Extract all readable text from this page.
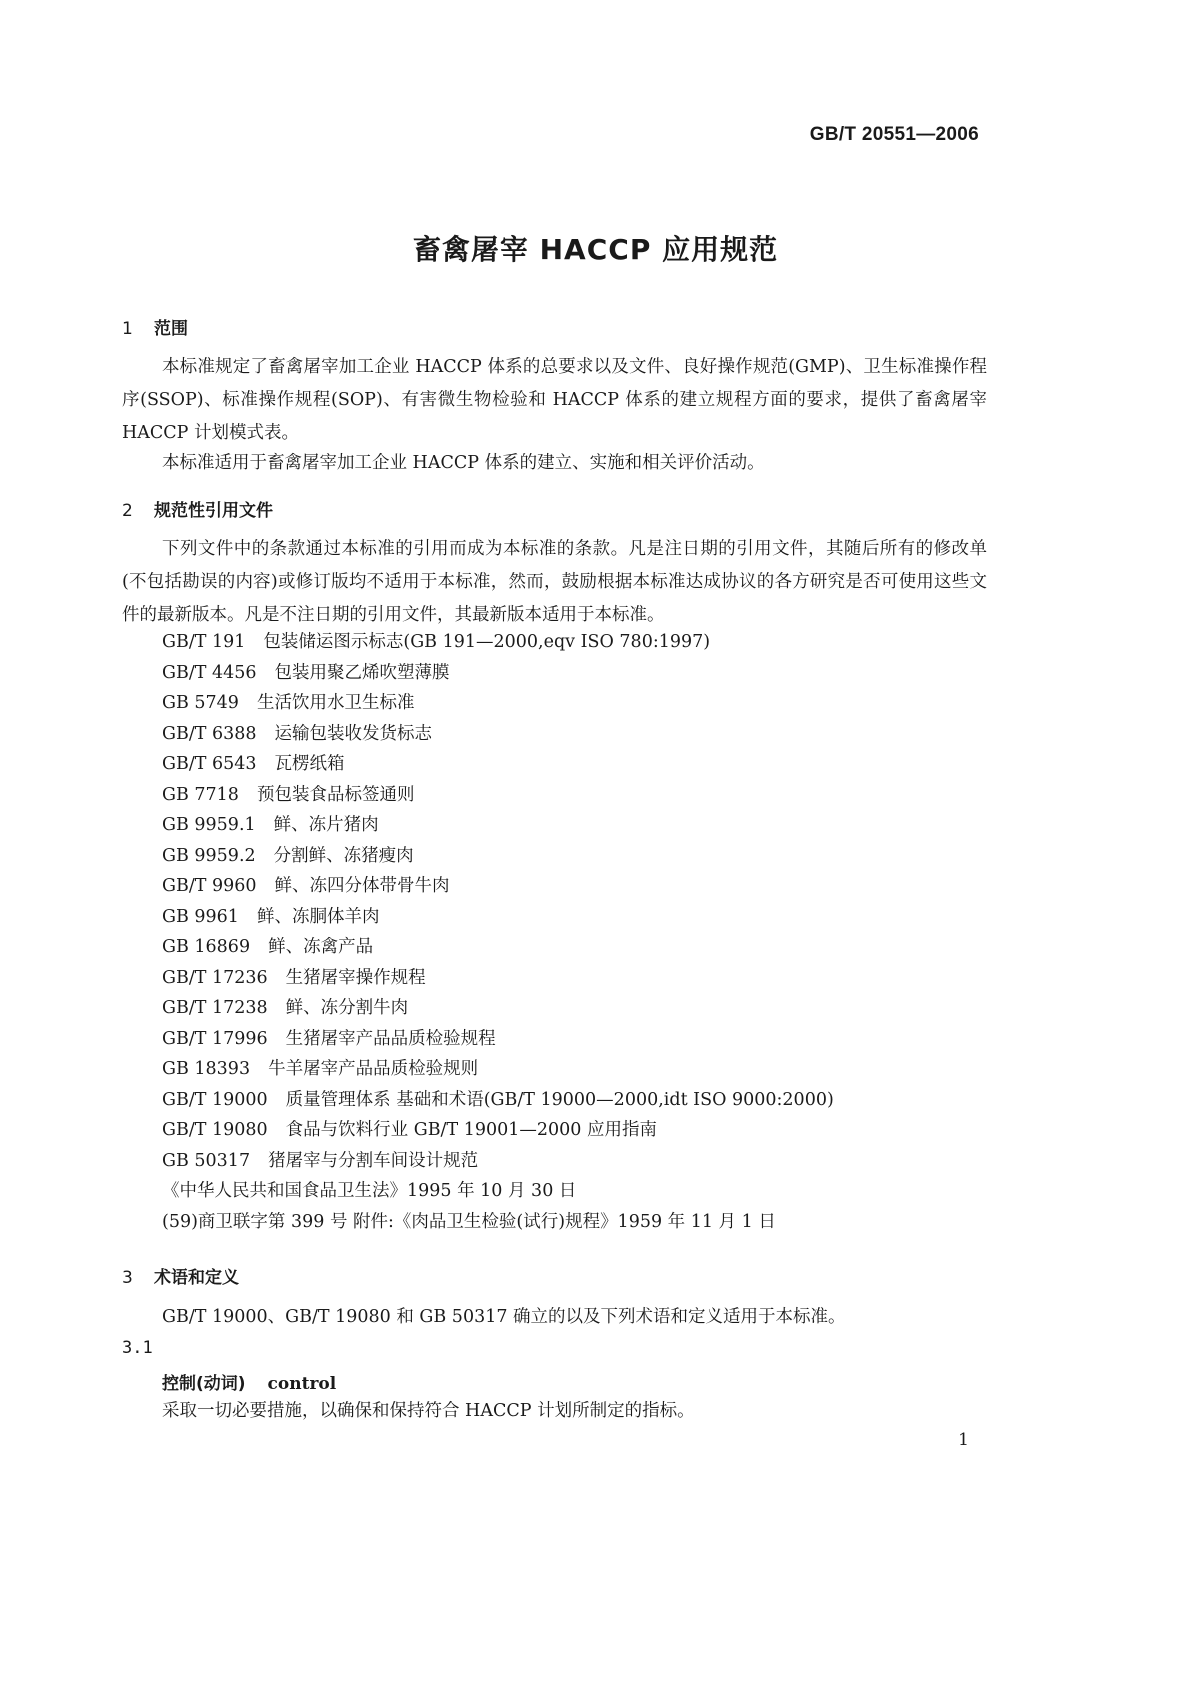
GB/T 20551—2006
畜禽屠宰 HACCP 应用规范
1 范围

本标准规定了畜禽屠宰加工企业 HACCP 体系的总要求以及文件、良好操作规范(GMP)、卫生标准操作程序(SSOP)、标准操作规程(SOP)、有害微生物检验和 HACCP 体系的建立规程方面的要求，提供了畜禽屠宰 HACCP 计划模式表。

本标准适用于畜禽屠宰加工企业 HACCP 体系的建立、实施和相关评价活动。

2 规范性引用文件

下列文件中的条款通过本标准的引用而成为本标准的条款。凡是注日期的引用文件，其随后所有的修改单(不包括勘误的内容)或修订版均不适用于本标准，然而，鼓励根据本标准达成协议的各方研究是否可使用这些文件的最新版本。凡是不注日期的引用文件，其最新版本适用于本标准。

GB/T 191 包装储运图示标志(GB 191—2000,eqv ISO 780:1997)
GB/T 4456 包装用聚乙烯吹塑薄膜
GB 5749 生活饮用水卫生标准
GB/T 6388 运输包装收发货标志
GB/T 6543 瓦楞纸箱
GB 7718 预包装食品标签通则
GB 9959.1 鲜、冻片猪肉
GB 9959.2 分割鲜、冻猪瘦肉
GB/T 9960 鲜、冻四分体带骨牛肉
GB 9961 鲜、冻胴体羊肉
GB 16869 鲜、冻禽产品
GB/T 17236 生猪屠宰操作规程
GB/T 17238 鲜、冻分割牛肉
GB/T 17996 生猪屠宰产品品质检验规程
GB 18393 牛羊屠宰产品品质检验规则
GB/T 19000 质量管理体系 基础和术语(GB/T 19000—2000,idt ISO 9000:2000)
GB/T 19080 食品与饮料行业 GB/T 19001—2000 应用指南
GB 50317 猪屠宰与分割车间设计规范
《中华人民共和国食品卫生法》1995 年 10 月 30 日
(59)商卫联字第 399 号 附件:《肉品卫生检验(试行)规程》1959 年 11 月 1 日
3 术语和定义

GB/T 19000、GB/T 19080 和 GB 50317 确立的以及下列术语和定义适用于本标准。

3.1
控制(动词) control

采取一切必要措施，以确保和保持符合 HACCP 计划所制定的指标。

1
